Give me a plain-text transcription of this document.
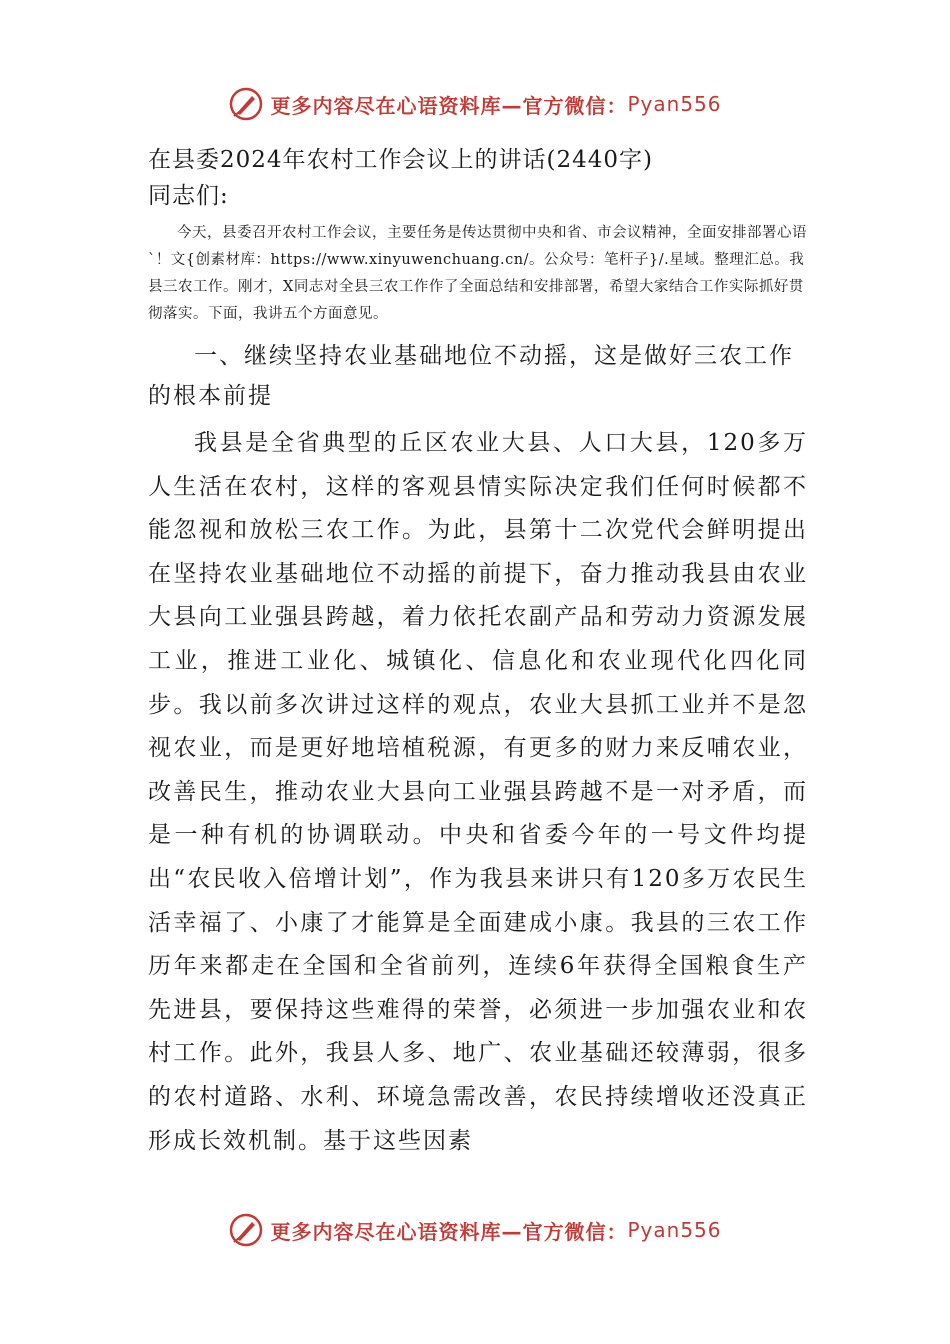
更多内容尽在心语资料库—官方微信： Pyan556

在县委2024年农村工作会议上的讲话(2440字)

同志们:

今天，县委召开农村工作会议，主要任务是传达贯彻中央和省、市会议精神，全面安排部署心语`！文{创素材库：https://www.xinyuwenchuang.cn/。公众号：笔杆子}/.星域。整理汇总。我县三农工作。刚才，X同志对全县三农工作作了全面总结和安排部署，希望大家结合工作实际抓好贯彻落实。下面，我讲五个方面意见。

一、继续坚持农业基础地位不动摇，这是做好三农工作的根本前提

我县是全省典型的丘区农业大县、人口大县，120多万人生活在农村，这样的客观县情实际决定我们任何时候都不能忽视和放松三农工作。为此，县第十二次党代会鲜明提出在坚持农业基础地位不动摇的前提下，奋力推动我县由农业大县向工业强县跨越，着力依托农副产品和劳动力资源发展工业，推进工业化、城镇化、信息化和农业现代化四化同步。我以前多次讲过这样的观点，农业大县抓工业并不是忽视农业，而是更好地培植税源，有更多的财力来反哺农业，改善民生，推动农业大县向工业强县跨越不是一对矛盾，而是一种有机的协调联动。中央和省委今年的一号文件均提出“农民收入倍增计划”，作为我县来讲只有120多万农民生活幸福了、小康了才能算是全面建成小康。我县的三农工作历年来都走在全国和全省前列，连续6年获得全国粮食生产先进县，要保持这些难得的荣誉，必须进一步加强农业和农村工作。此外，我县人多、地广、农业基础还较薄弱，很多的农村道路、水利、环境急需改善，农民持续增收还没真正形成长效机制。基于这些因素

更多内容尽在心语资料库—官方微信： Pyan556
